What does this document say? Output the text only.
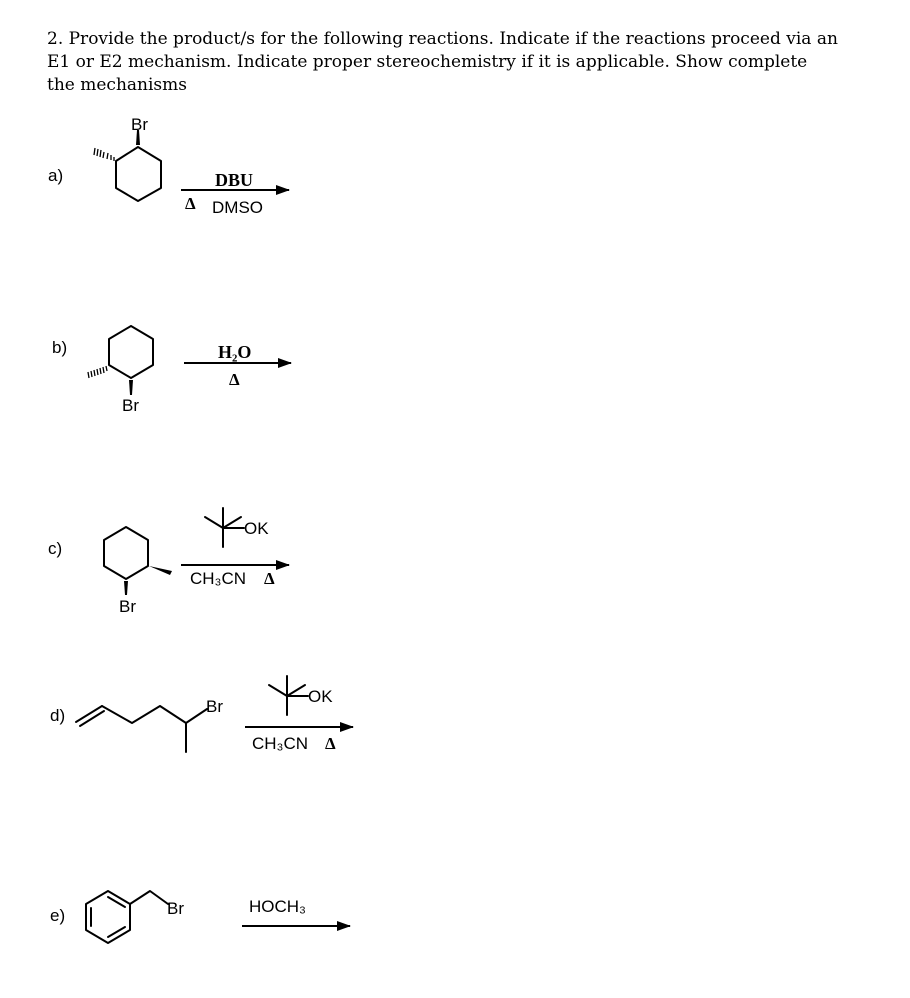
2. Provide the product/s for the following reactions. Indicate if the reactions proceed via an
E1 or E2 mechanism. Indicate proper stereochemistry if it is applicable. Show complete
the mechanisms
a)
Br
DBU
Δ DMSO
b)
Br
H₂O
Δ
c)
Br
OK
CH₃CN Δ
d)	Br
OK
CH₃CN Δ
e)	Br	HOCH₃
